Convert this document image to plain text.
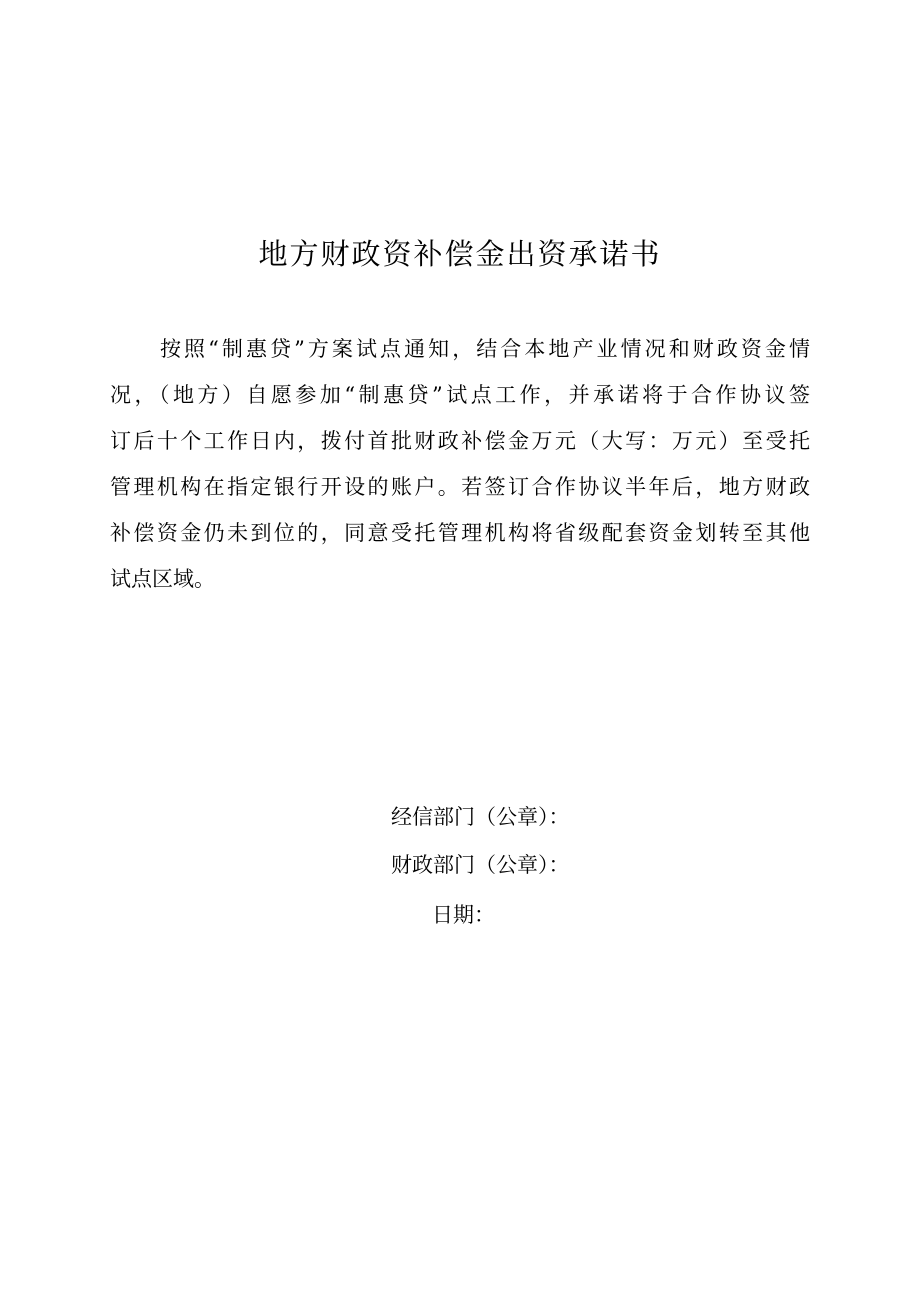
地方财政资补偿金出资承诺书
按照“制惠贷”方案试点通知，结合本地产业情况和财政资金情
况，（地方）自愿参加“制惠贷”试点工作，并承诺将于合作协议签
订后十个工作日内，拨付首批财政补偿金万元（大写：万元）至受托
管理机构在指定银行开设的账户。若签订合作协议半年后，地方财政
补偿资金仍未到位的，同意受托管理机构将省级配套资金划转至其他
试点区域。
经信部门（公章）：
财政部门（公章）：
日期：
